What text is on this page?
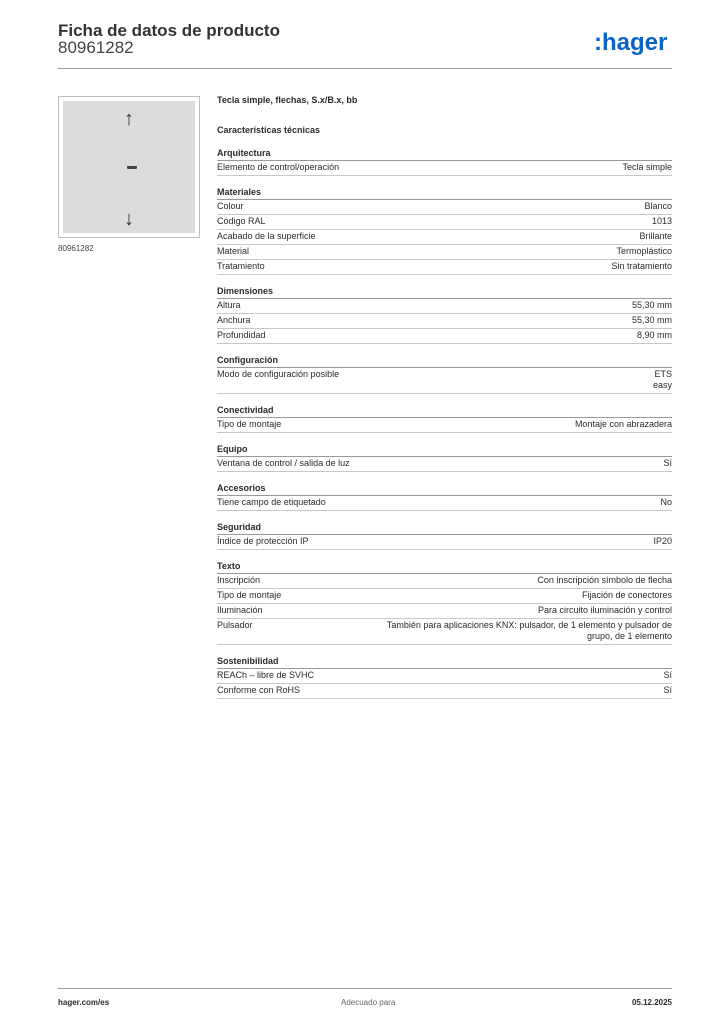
Ficha de datos de producto
80961282	:hager
↑
↓
80961282
Tecla simple, flechas, S.x/B.x, bb
Características técnicas
Arquitectura
Elemento de control/operación	Tecla simple
Materiales
Colour	Blanco
Código RAL	1013
Acabado de la superficie	Brillante
Material	Termoplástico
Tratamiento	Sin tratamiento
Dimensiones
Altura	55,30 mm
Anchura	55,30 mm
Profundidad	8,90 mm
Configuración
Modo de configuración posible	ETS
easy
Conectividad
Tipo de montaje	Montaje con abrazadera
Equipo
Ventana de control / salida de luz	Sí
Accesorios
Tiene campo de etiquetado	No
Seguridad
Índice de protección IP	IP20
Texto
Inscripción	Con inscripción símbolo de flecha
Tipo de montaje	Fijación de conectores
Iluminación	Para circuito iluminación y control
Pulsador	También para aplicaciones KNX: pulsador, de 1 elemento y pulsador de
grupo, de 1 elemento
Sostenibilidad
REACh – libre de SVHC	Sí
Conforme con RoHS	Sí
hager.com/es	Adecuado para	05.12.2025
